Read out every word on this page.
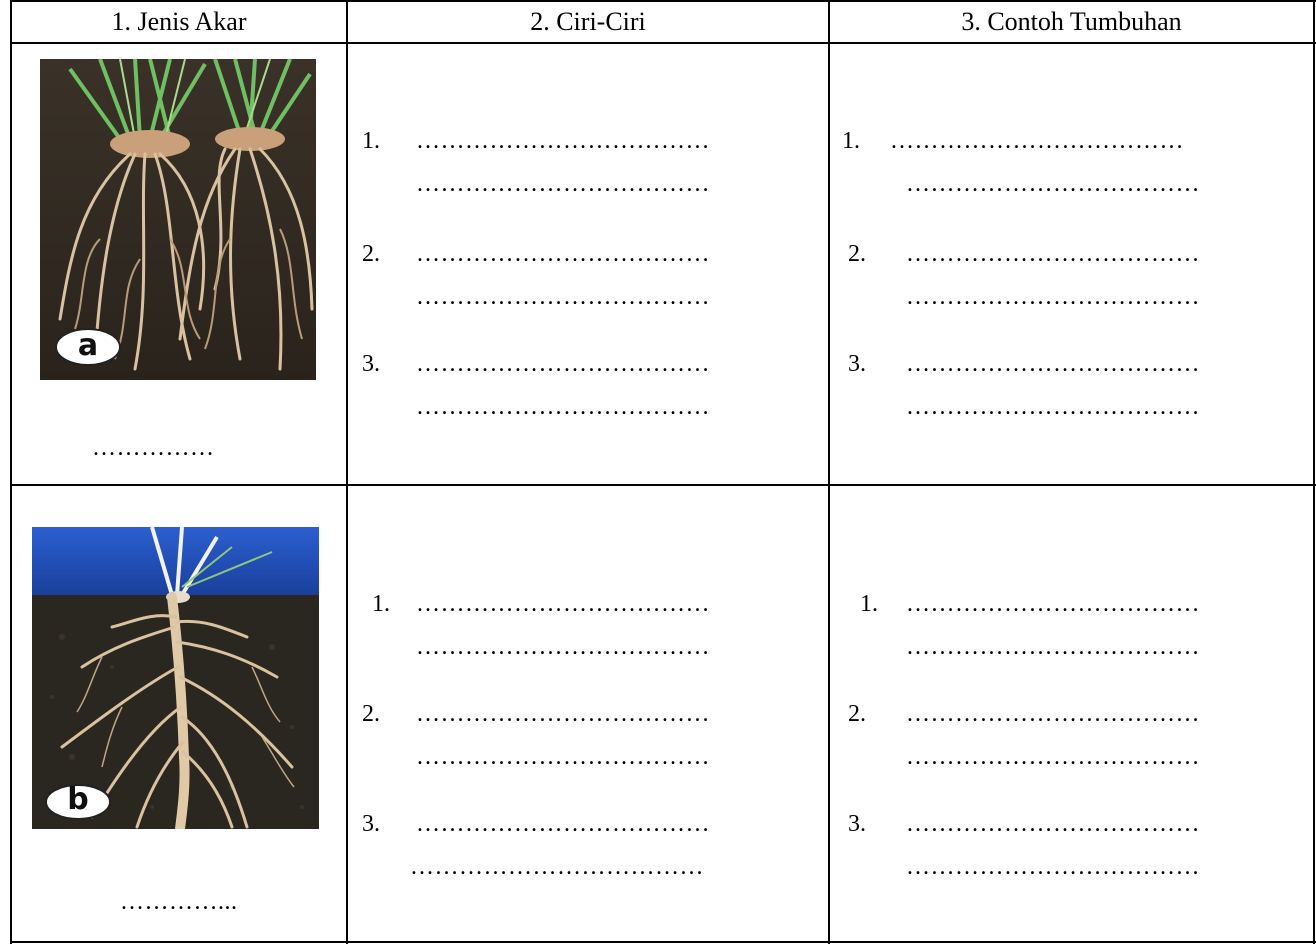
1. Jenis Akar	2. Ciri-Ciri	3. Contoh Tumbuhan
a
……………
1. ………………………………
………………………………
2. ………………………………
………………………………
3. ………………………………
………………………………
1. ………………………………
………………………………
2. ………………………………
………………………………
3. ………………………………
………………………………
b
…………...
1. ………………………………
………………………………
2. ………………………………
………………………………
3. ………………………………
………………………………
1. ………………………………
………………………………
2. ………………………………
………………………………
3. ………………………………
………………………………
